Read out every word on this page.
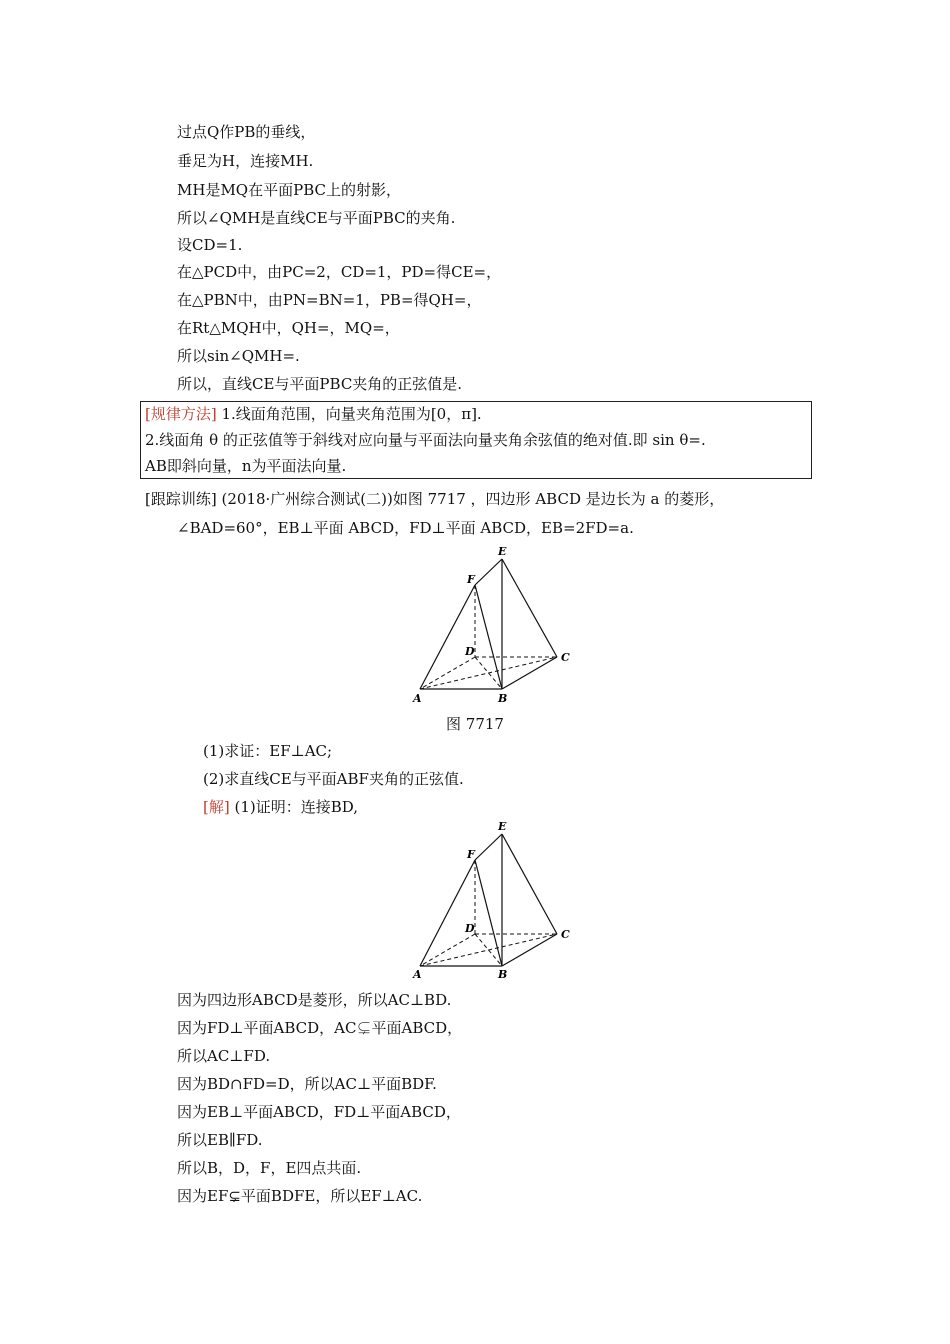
过点Q作PB的垂线，
垂足为H，连接MH.
MH是MQ在平面PBC上的射影，
所以∠QMH是直线CE与平面PBC的夹角.
设CD=1.
在△PCD中，由PC=2，CD=1，PD=得CE=，
在△PBN中，由PN=BN=1，PB=得QH=，
在Rt△MQH中，QH=，MQ=，
所以sin∠QMH=.
所以，直线CE与平面PBC夹角的正弦值是.
[规律方法] 1.线面角范围，向量夹角范围为[0，π].
2.线面角 θ 的正弦值等于斜线对应向量与平面法向量夹角余弦值的绝对值.即 sin θ=.
AB即斜向量，n为平面法向量.
[跟踪训练] (2018·广州综合测试(二))如图 7717 ，四边形 ABCD 是边长为 a 的菱形，
∠BAD=60°，EB⊥平面 ABCD，FD⊥平面 ABCD，EB=2FD=a.
E
F
D	C
A	B
图 7717
(1)求证：EF⊥AC;
(2)求直线CE与平面ABF夹角的正弦值.
[解] (1)证明：连接BD,
E
F
D	C
A	B
因为四边形ABCD是菱形，所以AC⊥BD.
因为FD⊥平面ABCD，AC⊊平面ABCD，
所以AC⊥FD.
因为BD∩FD=D，所以AC⊥平面BDF.
因为EB⊥平面ABCD，FD⊥平面ABCD，
所以EB∥FD.
所以B，D，F，E四点共面.
因为EF⊊平面BDFE，所以EF⊥AC.
